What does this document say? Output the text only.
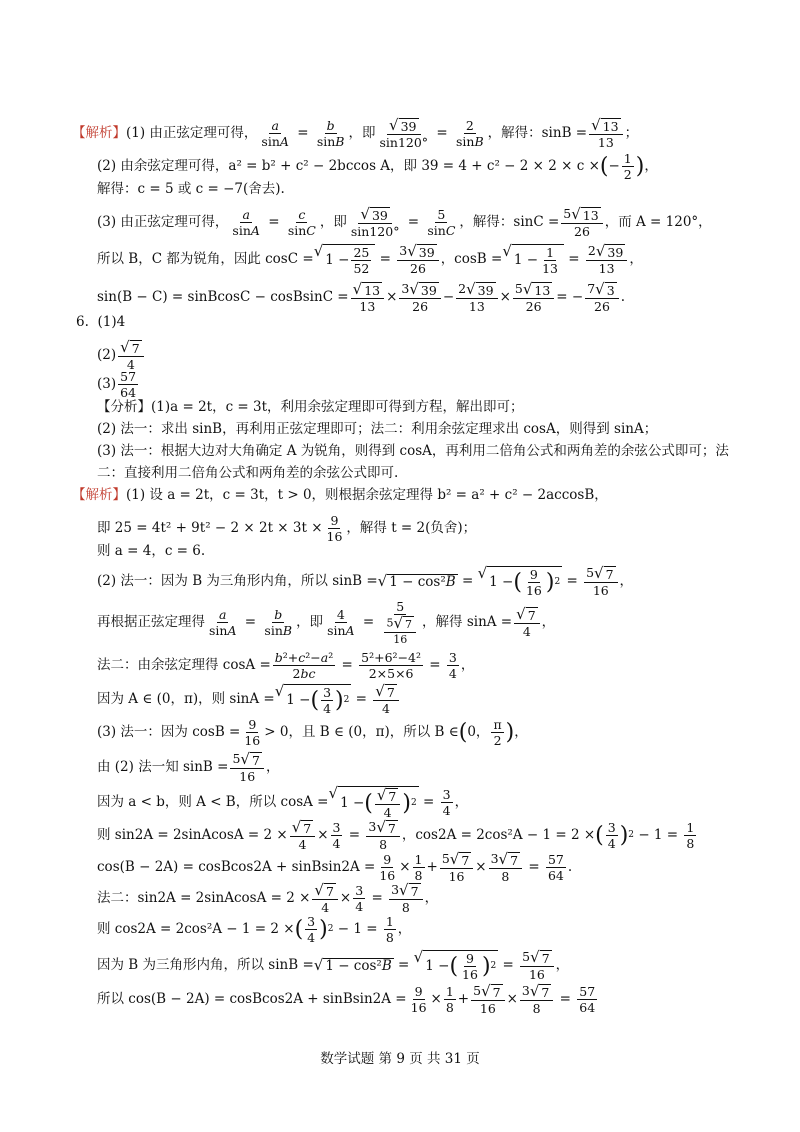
【解析】 (1) 由正弦定理可得， $\frac{a}{\sin A} = \frac{b}{\sin B}$ ，即 $\frac{√ 39}{\sin 120^\circ} = \frac{2}{\sin B}$ ，解得：$\sin B = \frac{√ 13}{13}$ ；
(2) 由余弦定理可得，a² = b² + c² − 2bccos A，即 39 = 4 + c² − 2 × 2 × c × ( − $\frac{1}{2}$ ) ，
解得：c = 5 或 c = −7(舍去).
(3) 由正弦定理可得， $\frac{a}{\sin A} = \frac{c}{\sin C}$ ，即 $\frac{√ 39}{\sin 120^\circ} = \frac{5}{\sin C}$ ，解得：$\sin C = \frac{5 √ 13}{26}$ ，而 A = 120°，
所以 B，C 都为锐角，因此 cosC = √ $1 - \frac{25}{52} = \frac{3 √ 39}{26}$ ，cosB = √ $1 - \frac{1}{13} = \frac{2 √ 39}{13}$ ，
sin(B − C) = sinBcosC − cosBsinC = $\frac{√ 13}{13} \times \frac{3 √ 39}{26} - \frac{2 √ 39}{13} \times \frac{5 √ 13}{26}$ = − $\frac{7 √ 3}{26}$ .
6.
(1)4
$(2) \frac{√ 7}{4}$
$(3) \frac{57}{64}$
【分析】 (1)a = 2t，c = 3t，利用余弦定理即可得到方程，解出即可；
(2) 法一：求出 sinB，再利用正弦定理即可；法二：利用余弦定理求出 cosA，则得到 sinA；
(3) 法一：根据大边对大角确定 A 为锐角，则得到 cosA，再利用二倍角公式和两角差的余弦公式即可；法
二：直接利用二倍角公式和两角差的余弦公式即可.
【解析】 (1) 设 a = 2t，c = 3t，t > 0，则根据余弦定理得 b² = a² + c² − 2accosB，
即 $25 = 4t^2 + 9t^2 - 2 \times 2t \times 3t \times \frac{9}{16}$ ，解得 t = 2(负舍)；
则 a = 4，c = 6.
(2) 法一：因为 B 为三角形内角，所以 sinB = √ 1 − cos² B = √ 1 − ( $\frac{9}{16}$ ) $2 = \frac{5 √ 7}{16}$ ，
再根据正弦定理得 $\frac{a}{\sin A} = \frac{b}{\sin B}$ ，即 $\frac{4}{\sin A} = \frac{5}{\frac{5 √ 7}{16}}$ ，解得 $\sin A = \frac{√ 7}{4}$ ，
法二：由余弦定理得 $\cos A = \frac{\text{b²+c²−a²}}{2bc} = \frac{\text{5²+6²−4²}}{2\times 5\times 6} = \frac{3}{4}$ ，
因为 A ∈ (0，π)，则 sinA = √ 1 − ( $\frac{3}{4}$ ) $2 = \frac{√ 7}{4}$
(3) 法一：因为 $\cos B = \frac{9}{16} > 0$，且 B ∈ (0，π)，所以 B ∈ ( 0， $\frac{\pi}{2}$ ) ，
由 (2) 法一知 $\sin B = \frac{5 √ 7}{16}$ ，
因为 a < b，则 A < B，所以 cosA = √
1 − ( $\frac{√ 7}{4}$ ) $2 = \frac{3}{4}$ ，
则 sin2A = 2sinAcosA = $2 \times \frac{√ 7}{4} \times \frac{3}{4} = \frac{3 √ 7}{8}$ ，cos2A = 2cos²A − 1 = 2 × ( $\frac{3}{4}$ ) $2 - 1 = \frac{1}{8}$
cos(B − 2A) = cosBcos2A + sinBsin2A = $\frac{9}{16} \times \frac{1}{8} + \frac{5 √ 7}{16} \times \frac{3 √ 7}{8} = \frac{57}{64}$ .
法二：sin2A = 2sinAcosA = $2 \times \frac{√ 7}{4} \times \frac{3}{4} = \frac{3 √ 7}{8}$ ，
则 cos2A = 2cos²A − 1 = 2 × ( $\frac{3}{4}$ ) $2 - 1 = \frac{1}{8}$ ，
因为 B 为三角形内角，所以 sinB = √ 1 − cos² B = √ 1 − ( $\frac{9}{16}$ ) $2 = \frac{5 √ 7}{16}$ ，
所以 cos(B − 2A) = cosBcos2A + sinBsin2A = $\frac{9}{16} \times \frac{1}{8} + \frac{5 √ 7}{16} \times \frac{3 √ 7}{8} = \frac{57}{64}$
数学试题 第 9 页 共 31 页
